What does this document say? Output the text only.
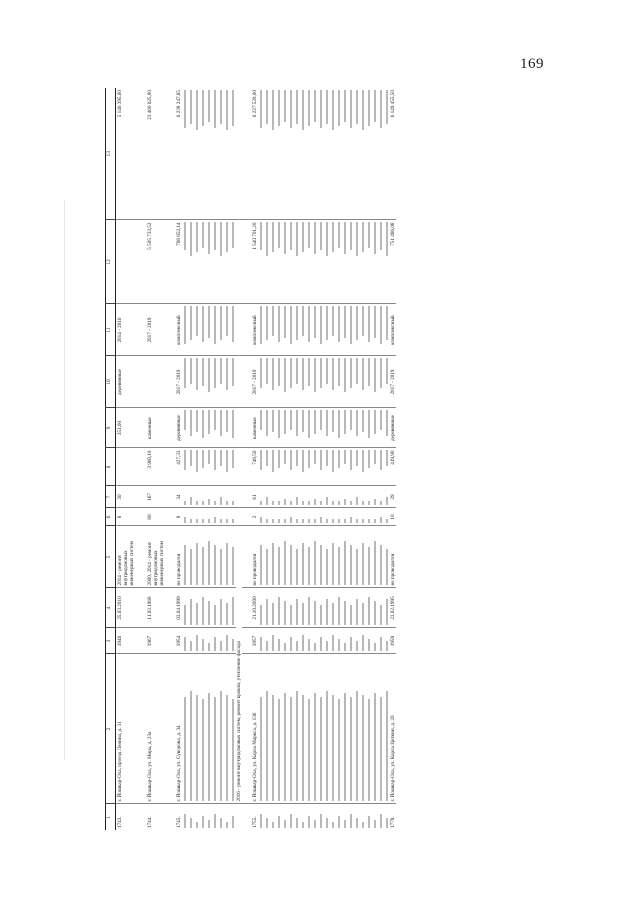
169
1	2	3	4	5	6	7	8	9	10	11	12	13
1743.	г. Йошкар-Ола, проезд Ленина, д. 11	1946	25.03.2010	2014 - ремонт внутридомовых инженерных систем	8	30		351,00	деревянные	2014 - 2016		5 146 395,00

1744.	г. Йошкар-Ола, ул. Мира, д. 23а	1967	11.03.1968	2000, 2014 - ремонт внутридомовых инженерных систем	80	167	3 960,10	каменные		2017 - 2019	5 505 733,52	23 460 025,00

1745.	г. Йошкар-Ола, ул. Суворова, д. 34	1954	03.04.1999	не проводился	8	34	427,33	деревянные	2017 - 2019	комплексный	768 852,14	6 238 247,85

	2016 - ремонт внутридомовых систем, ремонт кровли, утепление фасада											

1755.	г. Йошкар-Ола, ул. Карла Маркса, д. 136	1957	21.10.2000	не проводился	2	61	748,50	каменные	2017 - 2019	комплексный	1 540 701,20	6 227 520,00

1778.	г. Йошкар-Ола, ул. Карла Цеткин, д. 20	1959	23.02.1995	не проводился	10	29	419,90	деревянные	2017 - 2019	комплексный	751 486,08	6 149 455,50
